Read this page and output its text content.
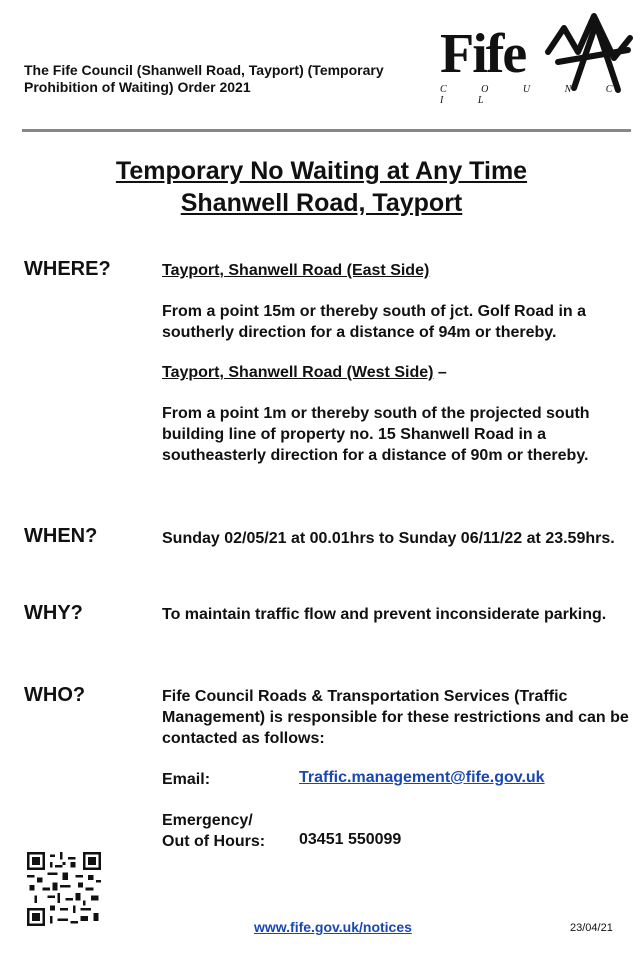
The Fife Council (Shanwell Road, Tayport) (Temporary
Prohibition of Waiting) Order 2021
Fife
C O U N C I L
Temporary No Waiting at Any Time
Shanwell Road, Tayport
WHERE?	Tayport, Shanwell Road (East Side)
From a point 15m or thereby south of jct. Golf Road in a southerly direction for a distance of 94m or thereby.
Tayport, Shanwell Road (West Side) –
From a point 1m or thereby south of the projected south building line of property no. 15 Shanwell Road in a southeasterly direction for a distance of 90m or thereby.
WHEN?	Sunday 02/05/21 at 00.01hrs to Sunday 06/11/22 at 23.59hrs.
WHY?	To maintain traffic flow and prevent inconsiderate parking.
WHO?	Fife Council Roads & Transportation Services (Traffic Management) is responsible for these restrictions and can be contacted as follows:
Email:	Traffic.management@fife.gov.uk
Emergency/
Out of Hours:	03451 550099
www.fife.gov.uk/notices	23/04/21
